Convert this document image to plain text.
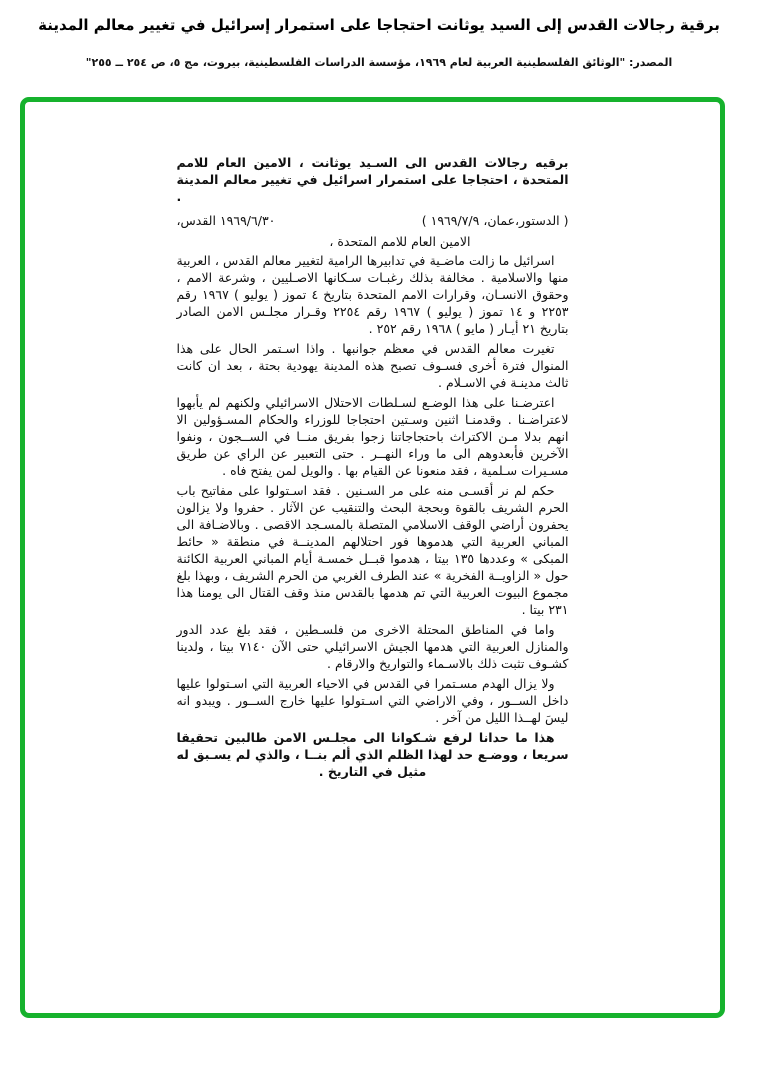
برقية رجالات القدس إلى السيد يوثانت احتجاجا على استمرار إسرائيل في تغيير معالم المدينة
المصدر: "الوثائق الفلسطينية العربية لعام ١٩٦٩، مؤسسة الدراسات الفلسطينية، بيروت، مج ٥، ص ٢٥٤ ــ ٢٥٥"

برقيه رجالات القدس الى السـيد يوثانت ، الامين العام للامم المتحدة ، احتجاجا على استمرار اسرائيل في تغيير معالم المدينة .

القدس، ١٩٦٩/٦/٣٠	( الدستور،عمان، ١٩٦٩/٧/٩ )

الامين العام للامم المتحدة ،

اسرائيل ما زالت ماضـية في تدابيرها الرامية لتغيير معالم القدس ، العربية منها والاسلامية . مخالفة بذلك رغبـات سـكانها الاصـليين ، وشرعة الامم ، وحقوق الانسـان، وقرارات الامم المتحدة بتاريخ ٤ تموز ( يوليو ) ١٩٦٧ رقم ٢٢٥٣ و ١٤ تموز ( يوليو ) ١٩٦٧ رقم ٢٢٥٤ وقـرار مجلـس الامن الصادر بتاريخ ٢١ أيـار ( مايو ) ١٩٦٨ رقم ٢٥٢ .

تغيرت معالم القدس في معظم جوانبها . واذا اسـتمر الحال على هذا المنوال فترة أخرى فسـوف تصبح هذه المدينة يهودية بحتة ، بعد ان كانت ثالث مدينـة في الاسـلام .

اعترضـنا على هذا الوضـع لسـلطات الاحتلال الاسرائيلي ولكنهم لم يأبهوا لاعتراضـنا . وقدمنـا اثنين وسـتين احتجاجا للوزراء والحكام المسـؤولين الا انهم بدلا مـن الاكتراث باحتجاجاتنا زجوا بفريق منــا في الســجون ، ونفوا الآخرين فأبعدوهم الى ما وراء النهــر . حتى التعبير عن الراي عن طريق مسـيرات سـلمية ، فقد منعونا عن القيام بها . والويل لمن يفتح فاه .

حكم لم نر أقسـى منه على مر السـنين . فقد اسـتولوا على مفاتيح باب الحرم الشريف بالقوة وبحجة البحث والتنقيب عن الآثار . حفروا ولا يزالون يحفرون أراضي الوقف الاسلامي المتصلة بالمسـجد الاقصى . وبالاضـافة الى المباني العربية التي هدموها فور احتلالهم المدينــة في منطقة « حائط المبكى » وعددها ١٣٥ بيتا ، هدموا قبــل خمسـة أيام المباني العربية الكائنة حول « الزاويــة الفخرية » عند الطرف الغربي من الحرم الشريف ، وبهذا بلغ مجموع البيوت العربية التي تم هدمها بالقدس منذ وقف القتال الى يومنا هذا ٢٣١ بيتا .

واما في المناطق المحتلة الاخرى من فلسـطين ، فقد بلغ عدد الدور والمنازل العربية التي هدمها الجيش الاسرائيلي حتى الآن ٧١٤٠ بيتا ، ولدينا كشـوف تثبت ذلك بالاسـماء والتواريخ والارقام .

ولا يزال الهدم مسـتمرا في القدس في الاحياء العربية التي اسـتولوا عليها داخل الســور ، وفي الاراضي التي اسـتولوا عليها خارج الســور . ويبدو انه ليسَ لهــذا الليل من آخر .

هذا ما حدانا لرفع شـكوانا الى مجلـس الامن طالبين تحقيقا سريعا ، ووضـع حد لهذا الظلم الذي ألم بنــا ، والذي لم يسـبق له مثيل في التاريخ .
